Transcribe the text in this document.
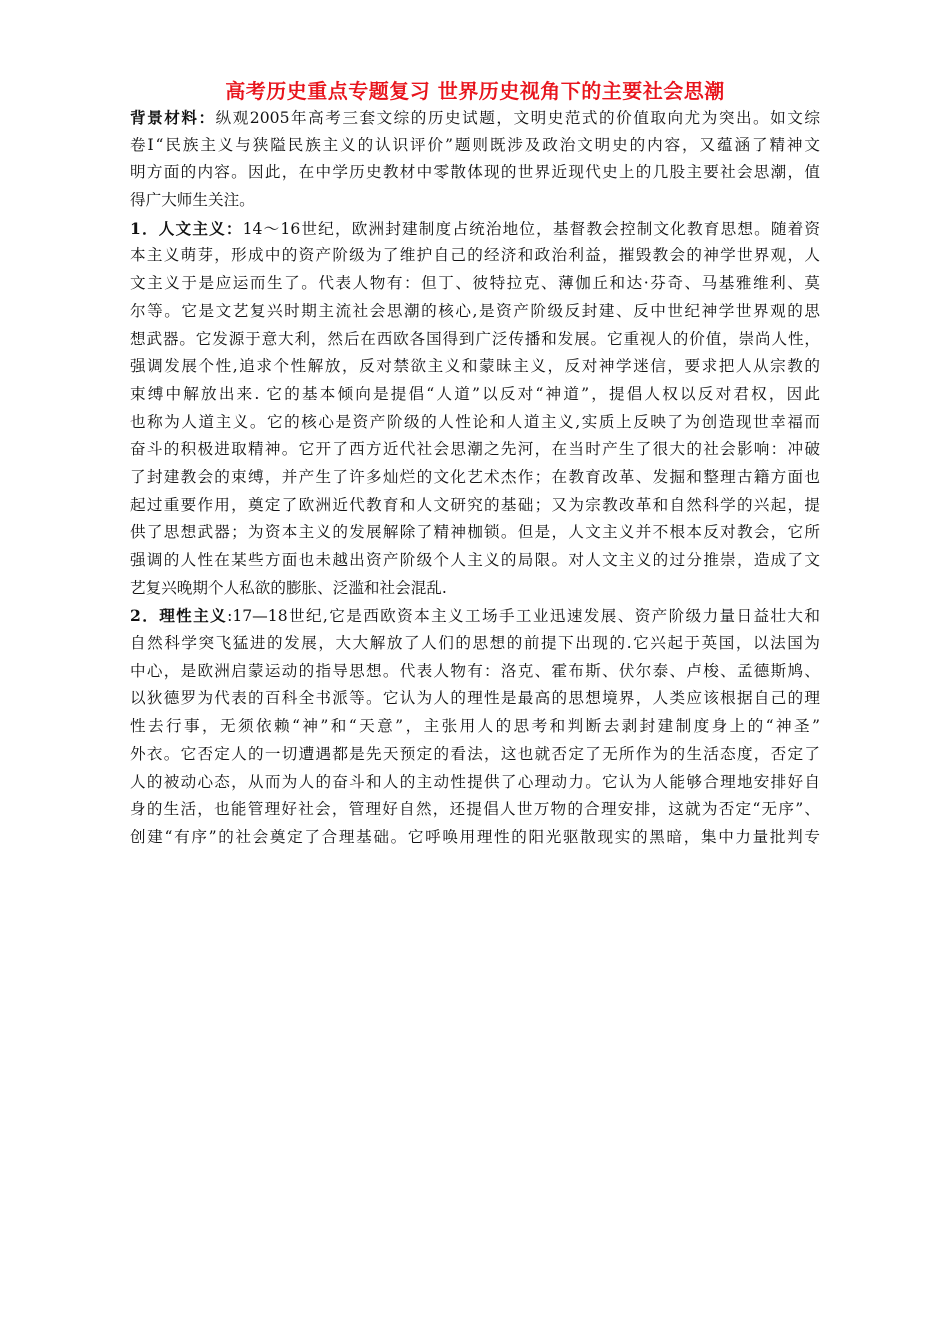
高考历史重点专题复习 世界历史视角下的主要社会思潮
背景材料：纵观2005年高考三套文综的历史试题，文明史范式的价值取向尤为突出。如文综
卷Ⅰ“民族主义与狭隘民族主义的认识评价”题则既涉及政治文明史的内容，又蕴涵了精神文
明方面的内容。因此，在中学历史教材中零散体现的世界近现代史上的几股主要社会思潮，值
得广大师生关注。
1．人文主义：14～16世纪，欧洲封建制度占统治地位，基督教会控制文化教育思想。随着资
本主义萌芽，形成中的资产阶级为了维护自己的经济和政治利益，摧毁教会的神学世界观，人
文主义于是应运而生了。代表人物有：但丁、彼特拉克、薄伽丘和达·芬奇、马基雅维利、莫
尔等。它是文艺复兴时期主流社会思潮的核心,是资产阶级反封建、反中世纪神学世界观的思
想武器。它发源于意大利，然后在西欧各国得到广泛传播和发展。它重视人的价值，崇尚人性，
强调发展个性,追求个性解放，反对禁欲主义和蒙昧主义，反对神学迷信，要求把人从宗教的
束缚中解放出来. 它的基本倾向是提倡“人道”以反对“神道”，提倡人权以反对君权，因此
也称为人道主义。它的核心是资产阶级的人性论和人道主义,实质上反映了为创造现世幸福而
奋斗的积极进取精神。它开了西方近代社会思潮之先河，在当时产生了很大的社会影响：冲破
了封建教会的束缚，并产生了许多灿烂的文化艺术杰作；在教育改革、发掘和整理古籍方面也
起过重要作用，奠定了欧洲近代教育和人文研究的基础；又为宗教改革和自然科学的兴起，提
供了思想武器；为资本主义的发展解除了精神枷锁。但是，人文主义并不根本反对教会，它所
强调的人性在某些方面也未越出资产阶级个人主义的局限。对人文主义的过分推崇，造成了文
艺复兴晚期个人私欲的膨胀、泛滥和社会混乱.
2．理性主义:17—18世纪,它是西欧资本主义工场手工业迅速发展、资产阶级力量日益壮大和
自然科学突飞猛进的发展，大大解放了人们的思想的前提下出现的.它兴起于英国，以法国为
中心，是欧洲启蒙运动的指导思想。代表人物有：洛克、霍布斯、伏尔泰、卢梭、孟德斯鸠、
以狄德罗为代表的百科全书派等。它认为人的理性是最高的思想境界，人类应该根据自己的理
性去行事，无须依赖“神”和“天意”，主张用人的思考和判断去剥封建制度身上的“神圣”
外衣。它否定人的一切遭遇都是先天预定的看法，这也就否定了无所作为的生活态度，否定了
人的被动心态，从而为人的奋斗和人的主动性提供了心理动力。它认为人能够合理地安排好自
身的生活，也能管理好社会，管理好自然，还提倡人世万物的合理安排，这就为否定“无序”、
创建“有序”的社会奠定了合理基础。它呼唤用理性的阳光驱散现实的黑暗，集中力量批判专
